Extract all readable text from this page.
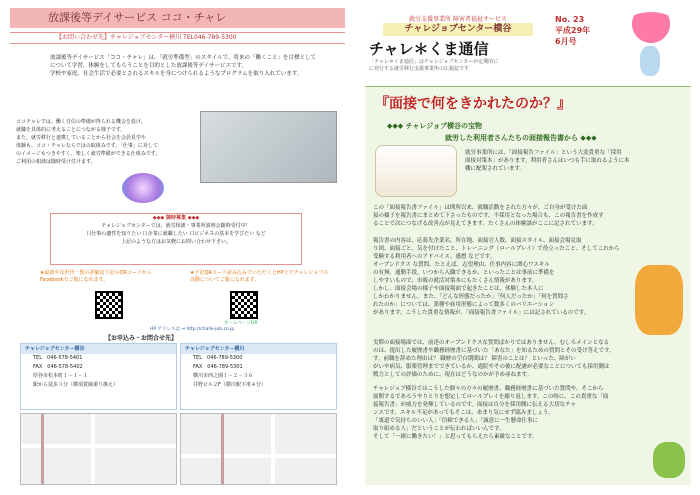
放課後等デイサービス ココ・チャレ
【お問い合わせ先】チャレジョブセンター横川 TEL046-789-5300
放課後等デイサービス「ココ・チャレ」は、「就労準備型」のスタイルで、将来の「働くこと」を目標として
について学習、体験をしてもらうことを目的とした放課後等デイサービスです。
学校や家庭、社会生活で必要とされるスキルを身につけられるようなプログラムを取り入れています。
ココチャレでは、働く自信の準備が得られる機会を設け、
就職を具体的に考えることにつながる様子です。
また、就労移行と連携していることから社会を会員見学や
体験も、ココ・チャレならではの取組みです。「仕事」に対して
のイメージもつきやすく、楽しく就労準備ができる仕組みです。
ご利用の相談は随時受け付けます。
◆◆◆ 随時募集 ◆◆◆
チャレジョブセンターでは、就労相談・事業所説明会随時受付中！
口仕事の適性を知りたい 口企業に就職したい 口ビジネスの基本を学びたい など
上記のような方はお気軽にお問い合わせ下さい。
★最新や次世代一覧の詳細は下記のQRコードからFacebookでご覧になれます。
★下記QRコード読み込みでいただくとHP上でチャレジョブの活動についてご覧になれます。
ホームページQR
HP アドレスは ⇒ http://challe-job.co.jp
【お申込み・お問合せ先】
チャレジョブセンター横谷
TEL　046-578-5401
FAX　046-578-5402
厚谷市松本町１－１－１
駅から徒歩３分（横須賀線乗り換え）
チャレジョブセンター横川
TEL　046-789-5300
FAX　046-789-5301
横川市西之園１－２－３６
井野ビル２F（横川駅下車４分）
就労支援事業所 障害者福祉サービス
チャレジョブセンター横谷
チャレ＊くま通信
「チャレ＊くま通信」はチャレジョブセンターが定期的に
に発行する就労移行支援事業所の広報誌です
No. 23
平成29年
6月号
『面接で何をきかれたのか？』
◆◆◆ チャレジョブ横谷の宝物
就労した利用者さんたちの面接報告書から ◆◆◆
就労事業所には、「面接報告ファイル」という大変貴重な「採用
面接対策本」があります。利用者さんはいつも手に取れるように本
棚に配架されています。
この「面接報告書ファイル」は開所以来、就職活動をされた方々が、ご自身が受けた面
接の様子を報告書にまとめて下さったものです。不採用となった場合も、この報告書を作成す
ることで次につなげる改善点が見えてきます。たくさんの体験談がここに記されています。
報告書の内容は、応募先企業名、所在地、面接官人数、面接スタイル、面接会場見取
り図、面接ごと、気を付けたこと、トレーニング（ロールプレイ）で役立ったこと、そしてこれから
受験する利用者へのアドバイス、感想 などです。
オープンドクス な質問、たとえば、志望理由、仕事内容に関心ワスキル
の有無、通勤手段、いつから入職できるか、といったことは事前に準備を
しやすいもので、市販の就活対策本にもたくさん情報があります。
しかし、面接会場の様子や面接場面で起きたことは、体験した本人に
しかわかりません。また、「どんな形態だったか」「何人だったか」「何を質問さ
れたのか」については、業種や雇用形態によって数多くのバリエーション
があります。こうした貴重な情報が、「面接報告書ファイル」には記されているのです。
実際の面接場面では、前述のオープンドクスな質問ばかりではありません。むしろメインとなる
のは、提出した履歴書や職務経歴書に基づいた「あなた」を知るための質問とその受け答えです。
す。前職を辞めた理由は？ 職歴の空白期間は？ 障害のことは？ といった、障がい
がいや病気、服薬管理までできているか、通院やその後に配慮が必要なことについても採用側は
戦力としての評価のために、現在はどうなのかが予め尋ねます。
チャレジョブ横谷ではこうした個々の方々の履歴書、職務経歴書に基づいた質問や、そこから
展開するであろうやりとりを想定してロールプレイを繰り返します。この時に、この貴重な「面
接報告書」が威力を発揮しているのです。面接は自分を採用側に伝える大切なチャ
ンスです。スキル不足があってもそこは、あまり気にせず臨みましょう。
「裏道で気持ちのいい人」「信頼できる人」「誠意に一生懸命仕事に
取り組める人」だということが伝わればいいんです。
そして「一緒に働きたい！」と思ってもらえたら素敵なことです。
